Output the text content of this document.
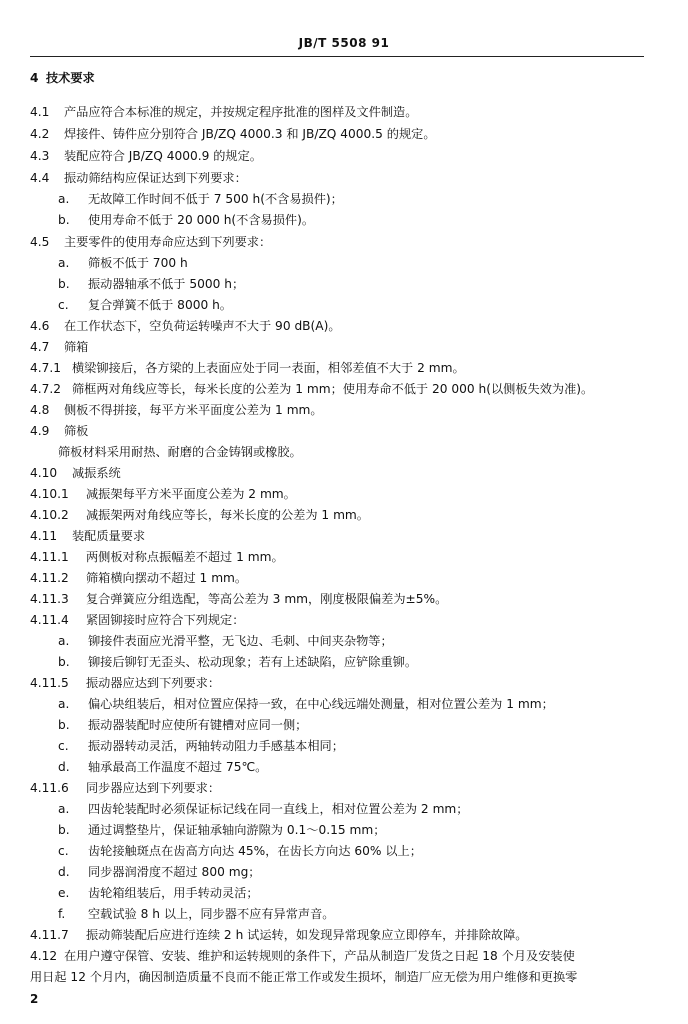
JB/T 5508 91
4 技术要求
4.1 产品应符合本标准的规定，并按规定程序批准的图样及文件制造。
4.2 焊接件、铸件应分别符合 JB/ZQ 4000.3 和 JB/ZQ 4000.5 的规定。
4.3 装配应符合 JB/ZQ 4000.9 的规定。
4.4 振动筛结构应保证达到下列要求：
a. 无故障工作时间不低于 7 500 h(不含易损件)；
b. 使用寿命不低于 20 000 h(不含易损件)。
4.5 主要零件的使用寿命应达到下列要求：
a. 筛板不低于 700 h
b. 振动器轴承不低于 5000 h；
c. 复合弹簧不低于 8000 h。
4.6 在工作状态下，空负荷运转噪声不大于 90 dB(A)。
4.7 筛箱
4.7.1 横梁铆接后，各方梁的上表面应处于同一表面，相邻差值不大于 2 mm。
4.7.2 筛框两对角线应等长，每米长度的公差为 1 mm；使用寿命不低于 20 000 h(以侧板失效为准)。
4.8 侧板不得拼接，每平方米平面度公差为 1 mm。
4.9 筛板
筛板材料采用耐热、耐磨的合金铸钢或橡胶。
4.10 减振系统
4.10.1 减振架每平方米平面度公差为 2 mm。
4.10.2 减振架两对角线应等长，每米长度的公差为 1 mm。
4.11 装配质量要求
4.11.1 两侧板对称点振幅差不超过 1 mm。
4.11.2 筛箱横向摆动不超过 1 mm。
4.11.3 复合弹簧应分组选配，等高公差为 3 mm，刚度极限偏差为±5%。
4.11.4 紧固铆接时应符合下列规定：
a. 铆接件表面应光滑平整，无飞边、毛刺、中间夹杂物等；
b. 铆接后铆钉无歪头、松动现象；若有上述缺陷，应铲除重铆。
4.11.5 振动器应达到下列要求：
a. 偏心块组装后，相对位置应保持一致，在中心线远端处测量，相对位置公差为 1 mm；
b. 振动器装配时应使所有键槽对应同一侧；
c. 振动器转动灵活，两轴转动阻力手感基本相同；
d. 轴承最高工作温度不超过 75℃。
4.11.6 同步器应达到下列要求：
a. 四齿轮装配时必须保证标记线在同一直线上，相对位置公差为 2 mm；
b. 通过调整垫片，保证轴承轴向游隙为 0.1～0.15 mm；
c. 齿轮接触斑点在齿高方向达 45%，在齿长方向达 60% 以上；
d. 同步器润滑度不超过 800 mg；
e. 齿轮箱组装后，用手转动灵活；
f. 空载试验 8 h 以上，同步器不应有异常声音。
4.11.7 振动筛装配后应进行连续 2 h 试运转，如发现异常现象应立即停车，并排除故障。
4.12 在用户遵守保管、安装、维护和运转规则的条件下，产品从制造厂发货之日起 18 个月及安装使
用日起 12 个月内，确因制造质量不良而不能正常工作或发生损坏，制造厂应无偿为用户维修和更换零
2
